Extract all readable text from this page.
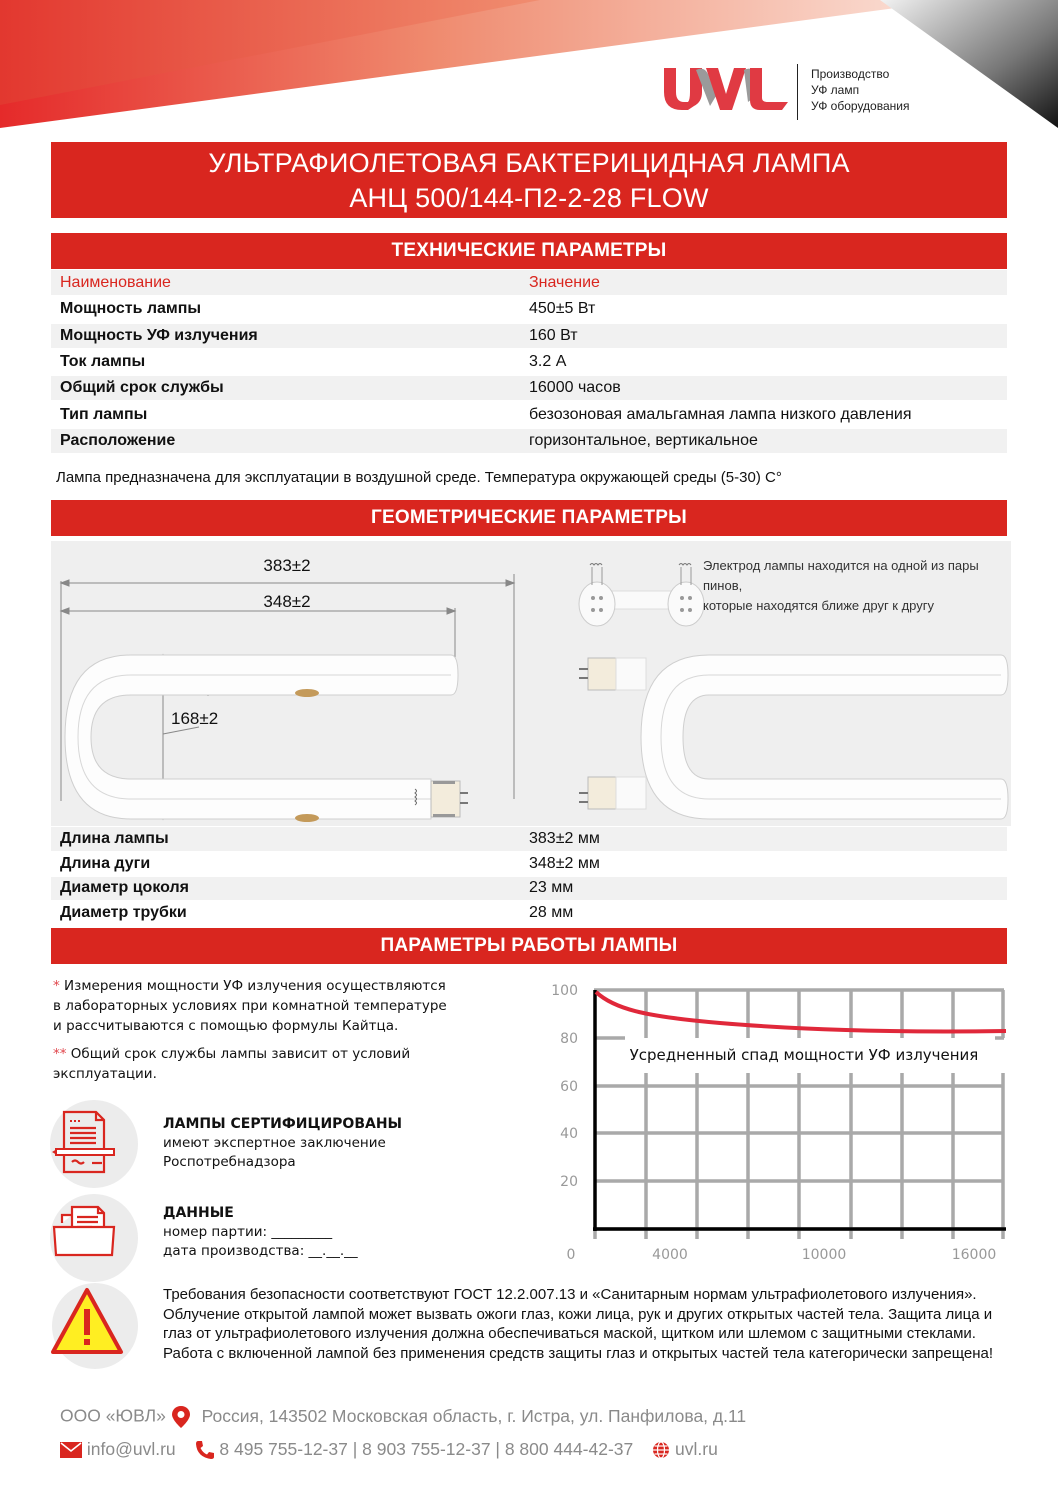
Производство
УФ ламп
УФ оборудования
УЛЬТРАФИОЛЕТОВАЯ БАКТЕРИЦИДНАЯ ЛАМПА
АНЦ 500/144-П2-2-28 FLOW
ТЕХНИЧЕСКИЕ ПАРАМЕТРЫ
Наименование	Значение
Мощность лампы	450±5 Вт
Мощность УФ излучения	160 Вт
Ток лампы	3.2 А
Общий срок службы	16000 часов
Тип лампы	безозоновая амальгамная лампа низкого давления
Расположение	горизонтальное, вертикальное
Лампа предназначена для эксплуатации в воздушной среде. Температура окружающей среды (5-30) С°
ГЕОМЕТРИЧЕСКИЕ ПАРАМЕТРЫ
383±2
348±2
168±2
Электрод лампы находится на одной из пары пинов,
которые находятся ближе друг к другу
Длина лампы	383±2 мм
Длина дуги	348±2 мм
Диаметр цоколя	23 мм
Диаметр трубки	28 мм
ПАРАМЕТРЫ РАБОТЫ ЛАМПЫ
* Измерения мощности УФ излучения осуществляются
в лабораторных условиях при комнатной температуре
и рассчитываются с помощью формулы Кайтца.
** Общий срок службы лампы зависит от условий
эксплуатации.
ЛАМПЫ СЕРТИФИЦИРОВАНЫ
имеют экспертное заключение
Роспотребнадзора
ДАННЫЕ
номер партии: _________
дата производства: __.__.__
100
80
60
40
20
0	4000	10000	16000
Усредненный спад мощности УФ излучения
Требования безопасности соответствуют ГОСТ 12.2.007.13 и «Санитарным нормам ультрафиолетового излучения». Облучение открытой лампой может вызвать ожоги глаз, кожи лица, рук и других открытых частей тела. Защита лица и глаз от ультрафиолетового излучения должна обеспечиваться маской, щитком или шлемом с защитными стеклами. Работа с включенной лампой без применения средств защиты глаз и открытых частей тела категорически запрещена!
ООО «ЮВЛ» Россия, 143502 Московская область, г. Истра, ул. Панфилова, д.11
info@uvl.ru	8 495 755-12-37 | 8 903 755-12-37 | 8 800 444-42-37 uvl.ru
